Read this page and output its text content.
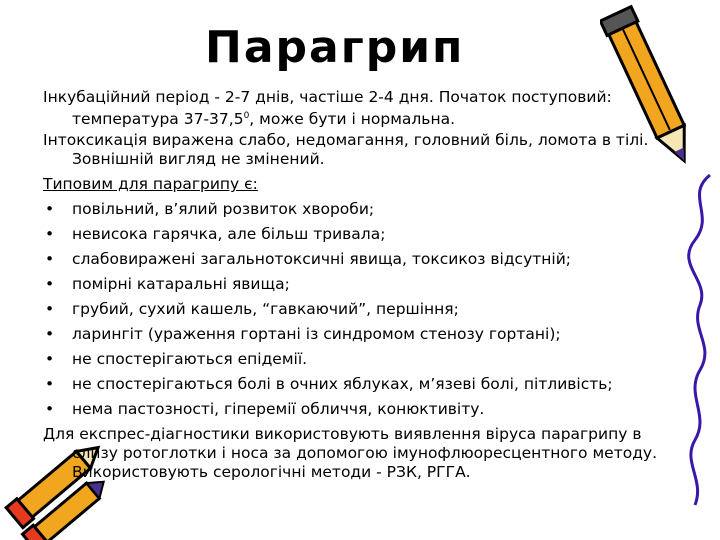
Парагрип

Інкубаційний період - 2-7 днів, частіше 2-4 дня. Початок поступовий: температура 37-37,5$^0$, може бути і нормальна.

Інтоксикація виражена слабо, недомагання, головний біль, ломота в тілі. Зовнішній вигляд не змінений.

Типовим для парагрипу є:

• повільний, в’ялий розвиток хвороби;
• невисока гарячка, але більш тривала;
• слабовиражені загальнотоксичні явища, токсикоз відсутній;
• помірні катаральні явища;
• грубий, сухий кашель, “гавкаючий”, першіння;
• ларингіт (ураження гортані із синдромом стенозу гортані);
• не спостерігаються епідемії.
• не спостерігаються болі в очних яблуках, м’язеві болі, пітливість;
• нема пастозності, гіперемії обличчя, конюктивіту.

Для експрес-діагностики використовують виявлення віруса парагрипу в слизу ротоглотки і носа за допомогою імунофлюоресцентного методу. Використовують серологічні методи - РЗК, РГГА.
